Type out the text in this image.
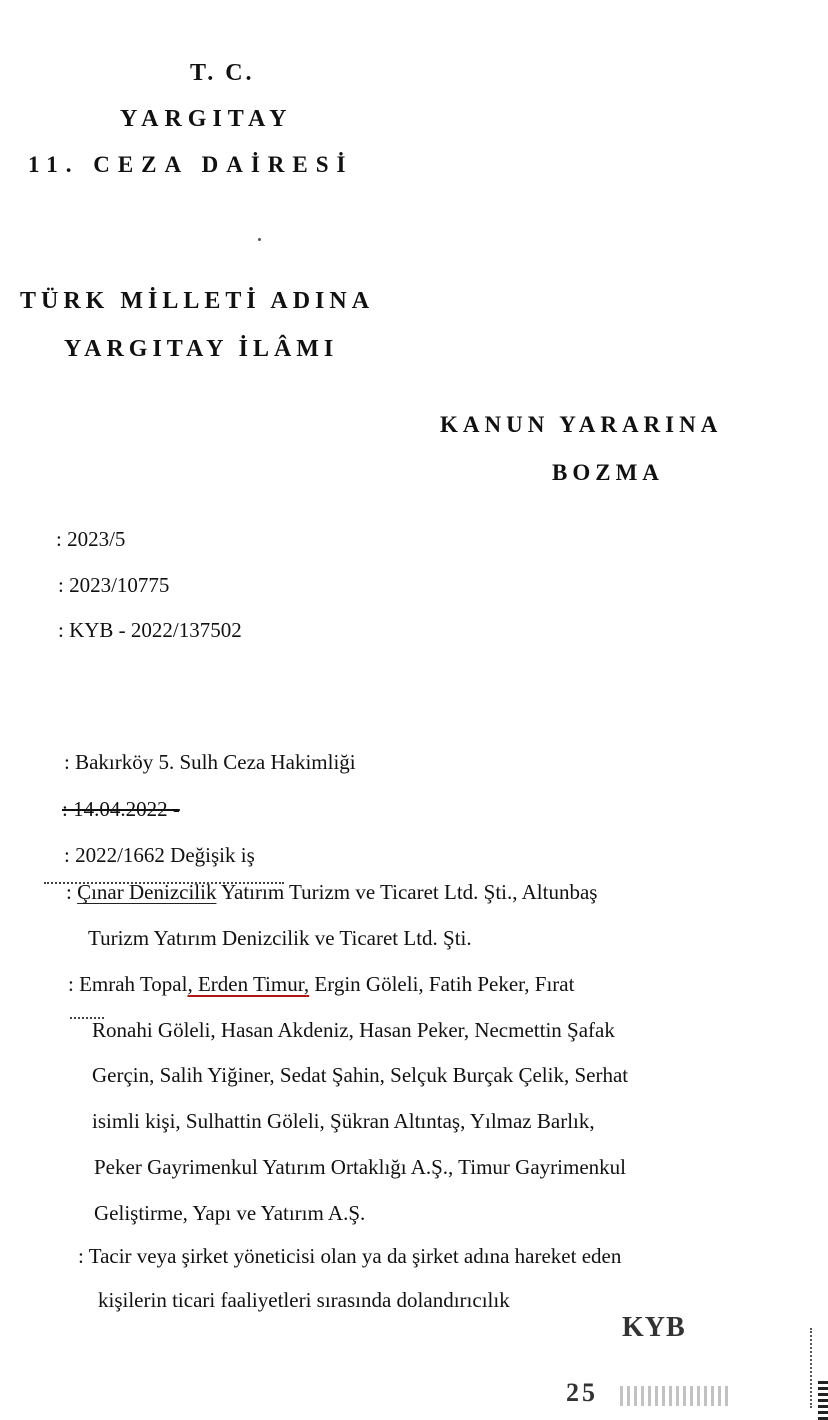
T. C.
YARGITAY
11. CEZA DAİRESİ
TÜRK MİLLETİ ADINA
YARGITAY İLÂMI
KANUN YARARINA
BOZMA
: 2023/5
: 2023/10775
: KYB - 2022/137502
: Bakırköy 5. Sulh Ceza Hakimliği
: 14.04.2022 -
: 2022/1662 Değişik iş
: Çınar Denizcilik Yatırım Turizm ve Ticaret Ltd. Şti., Altunbaş
Turizm Yatırım Denizcilik ve Ticaret Ltd. Şti.
: Emrah Topal, Erden Timur, Ergin Göleli, Fatih Peker, Fırat
Ronahi Göleli, Hasan Akdeniz, Hasan Peker, Necmettin Şafak
Gerçin, Salih Yiğiner, Sedat Şahin, Selçuk Burçak Çelik, Serhat
isimli kişi, Sulhattin Göleli, Şükran Altıntaş, Yılmaz Barlık,
Peker Gayrimenkul Yatırım Ortaklığı A.Ş., Timur Gayrimenkul
Geliştirme, Yapı ve Yatırım A.Ş.
: Tacir veya şirket yöneticisi olan ya da şirket adına hareket eden
kişilerin ticari faaliyetleri sırasında dolandırıcılık
KYB
25
